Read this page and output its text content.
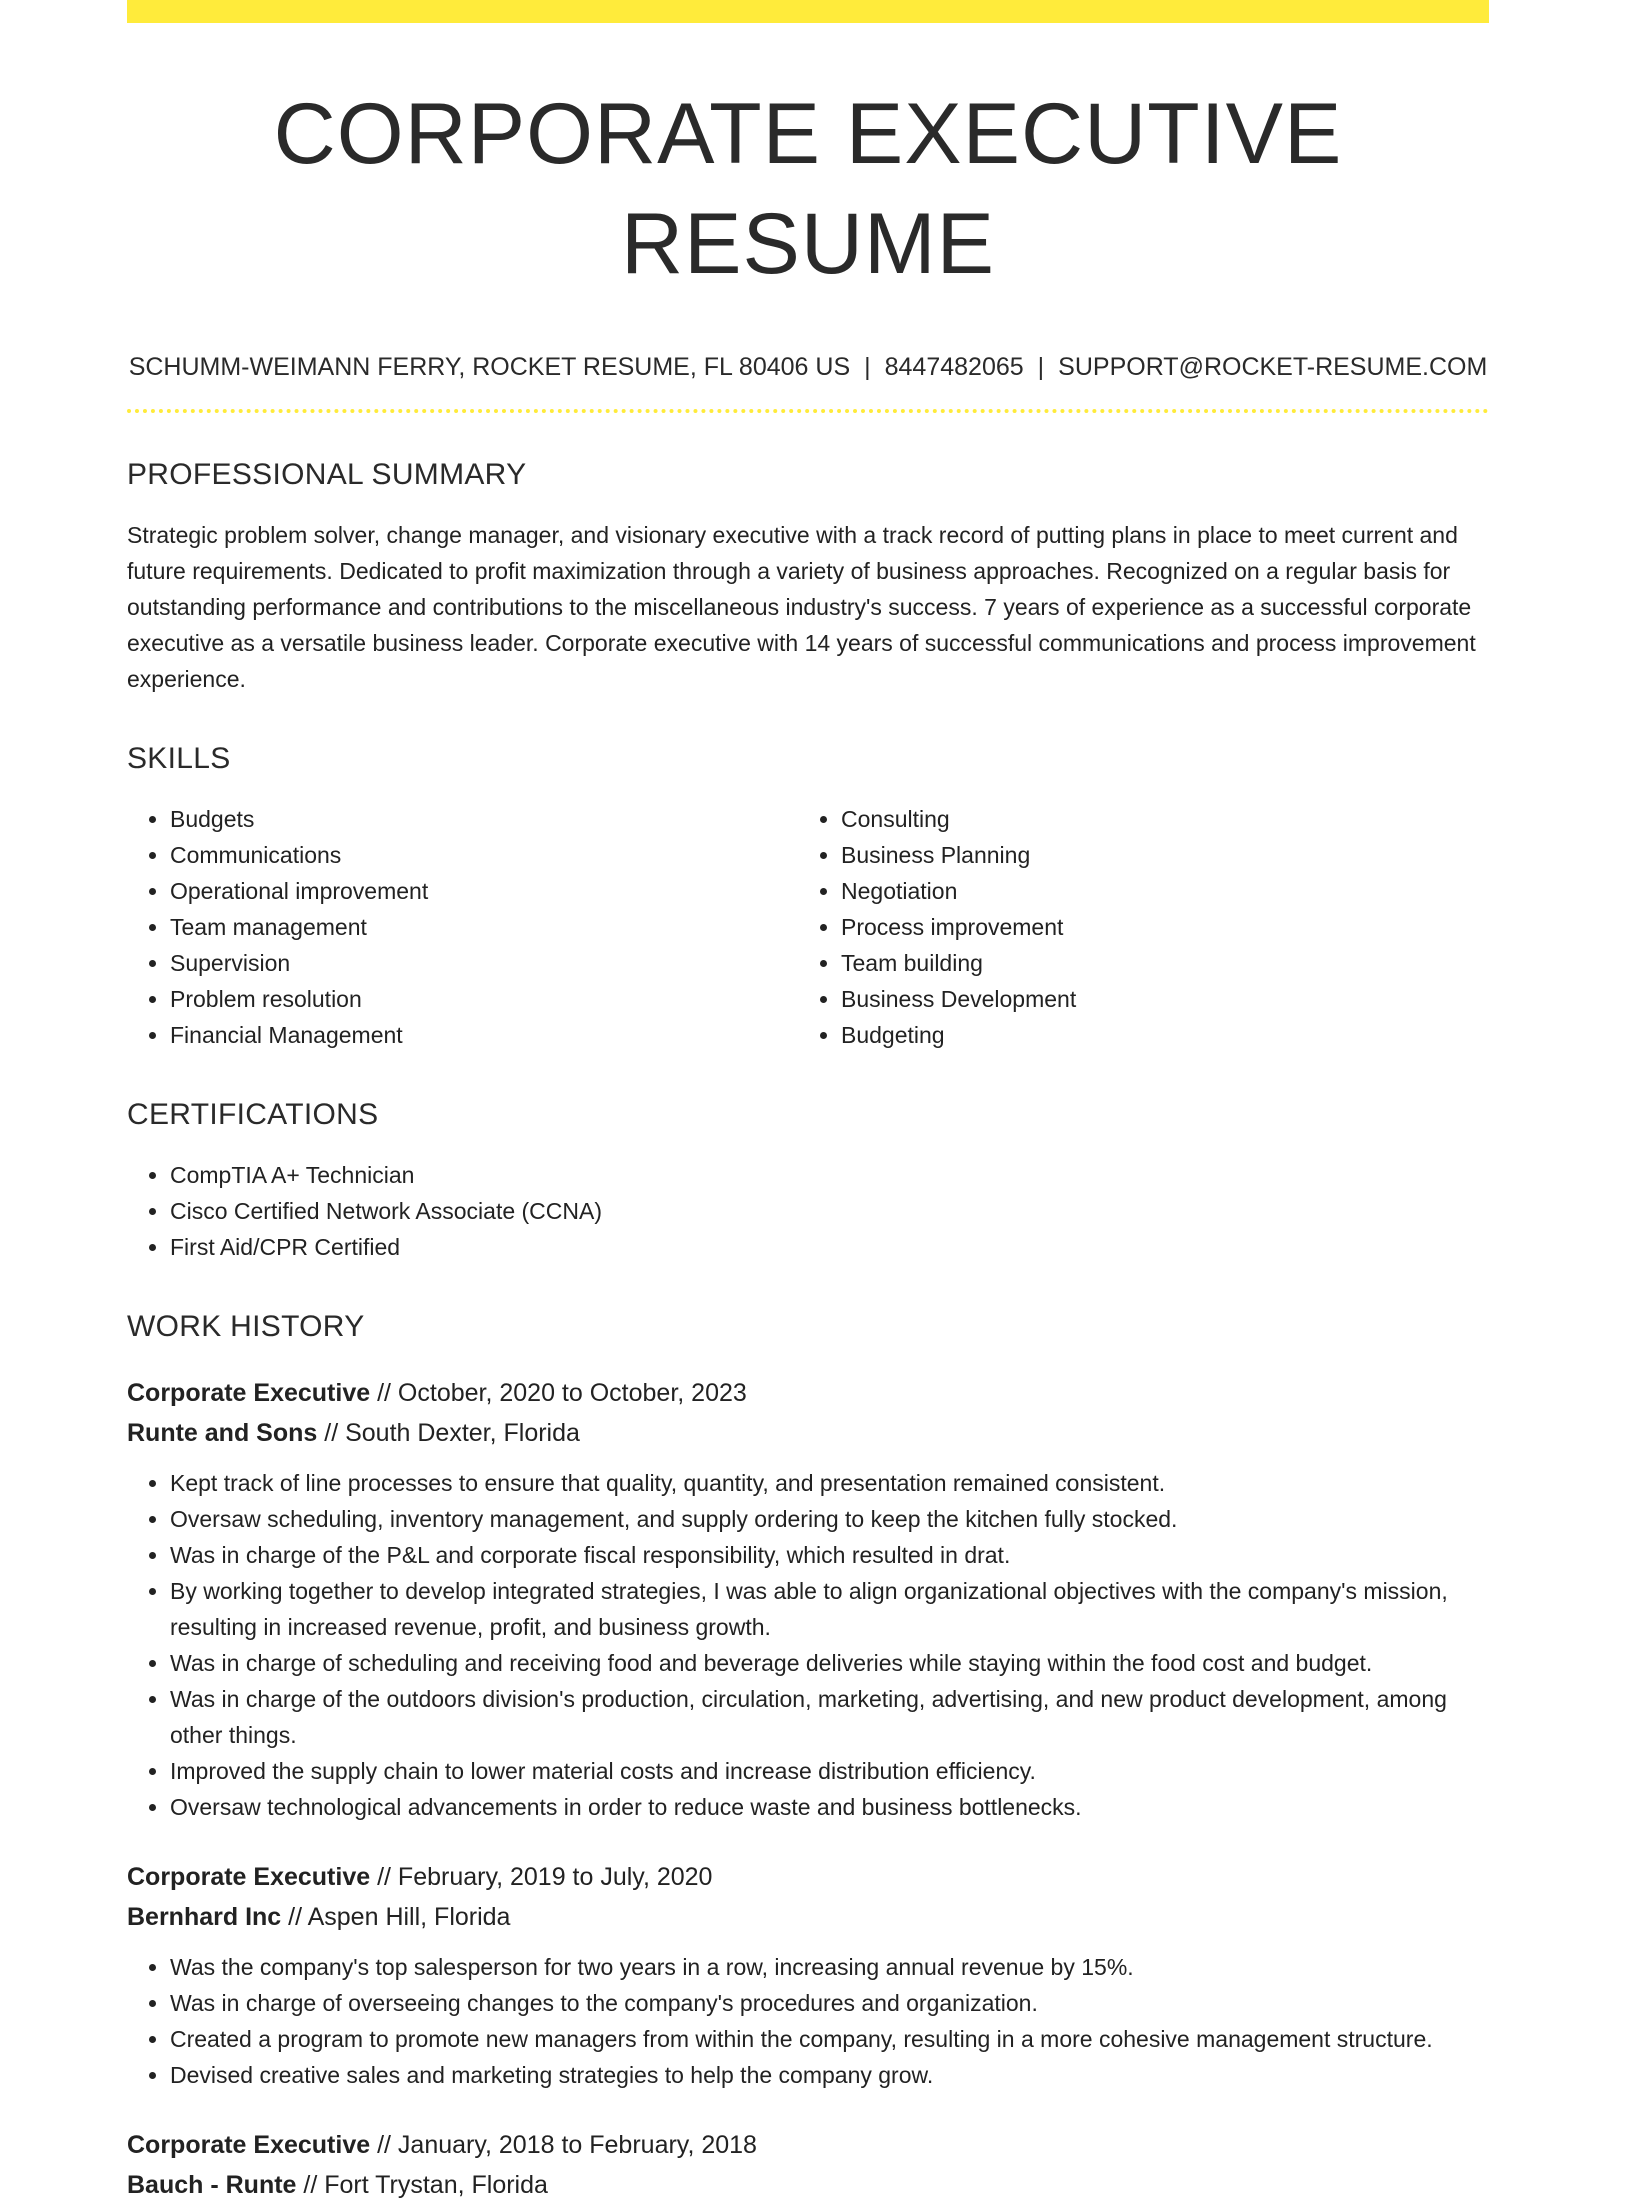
CORPORATE EXECUTIVE RESUME
SCHUMM-WEIMANN FERRY, ROCKET RESUME, FL 80406 US | 8447482065 | SUPPORT@ROCKET-RESUME.COM
PROFESSIONAL SUMMARY
Strategic problem solver, change manager, and visionary executive with a track record of putting plans in place to meet current and future requirements. Dedicated to profit maximization through a variety of business approaches. Recognized on a regular basis for outstanding performance and contributions to the miscellaneous industry's success. 7 years of experience as a successful corporate executive as a versatile business leader. Corporate executive with 14 years of successful communications and process improvement experience.
SKILLS
• Budgets
• Communications
• Operational improvement
• Team management
• Supervision
• Problem resolution
• Financial Management
• Consulting
• Business Planning
• Negotiation
• Process improvement
• Team building
• Business Development
• Budgeting
CERTIFICATIONS
• CompTIA A+ Technician
• Cisco Certified Network Associate (CCNA)
• First Aid/CPR Certified
WORK HISTORY
Corporate Executive // October, 2020 to October, 2023
Runte and Sons // South Dexter, Florida
• Kept track of line processes to ensure that quality, quantity, and presentation remained consistent.
• Oversaw scheduling, inventory management, and supply ordering to keep the kitchen fully stocked.
• Was in charge of the P&L and corporate fiscal responsibility, which resulted in drat.
• By working together to develop integrated strategies, I was able to align organizational objectives with the company's mission, resulting in increased revenue, profit, and business growth.
• Was in charge of scheduling and receiving food and beverage deliveries while staying within the food cost and budget.
• Was in charge of the outdoors division's production, circulation, marketing, advertising, and new product development, among other things.
• Improved the supply chain to lower material costs and increase distribution efficiency.
• Oversaw technological advancements in order to reduce waste and business bottlenecks.
Corporate Executive // February, 2019 to July, 2020
Bernhard Inc // Aspen Hill, Florida
• Was the company's top salesperson for two years in a row, increasing annual revenue by 15%.
• Was in charge of overseeing changes to the company's procedures and organization.
• Created a program to promote new managers from within the company, resulting in a more cohesive management structure.
• Devised creative sales and marketing strategies to help the company grow.
Corporate Executive // January, 2018 to February, 2018
Bauch - Runte // Fort Trystan, Florida
